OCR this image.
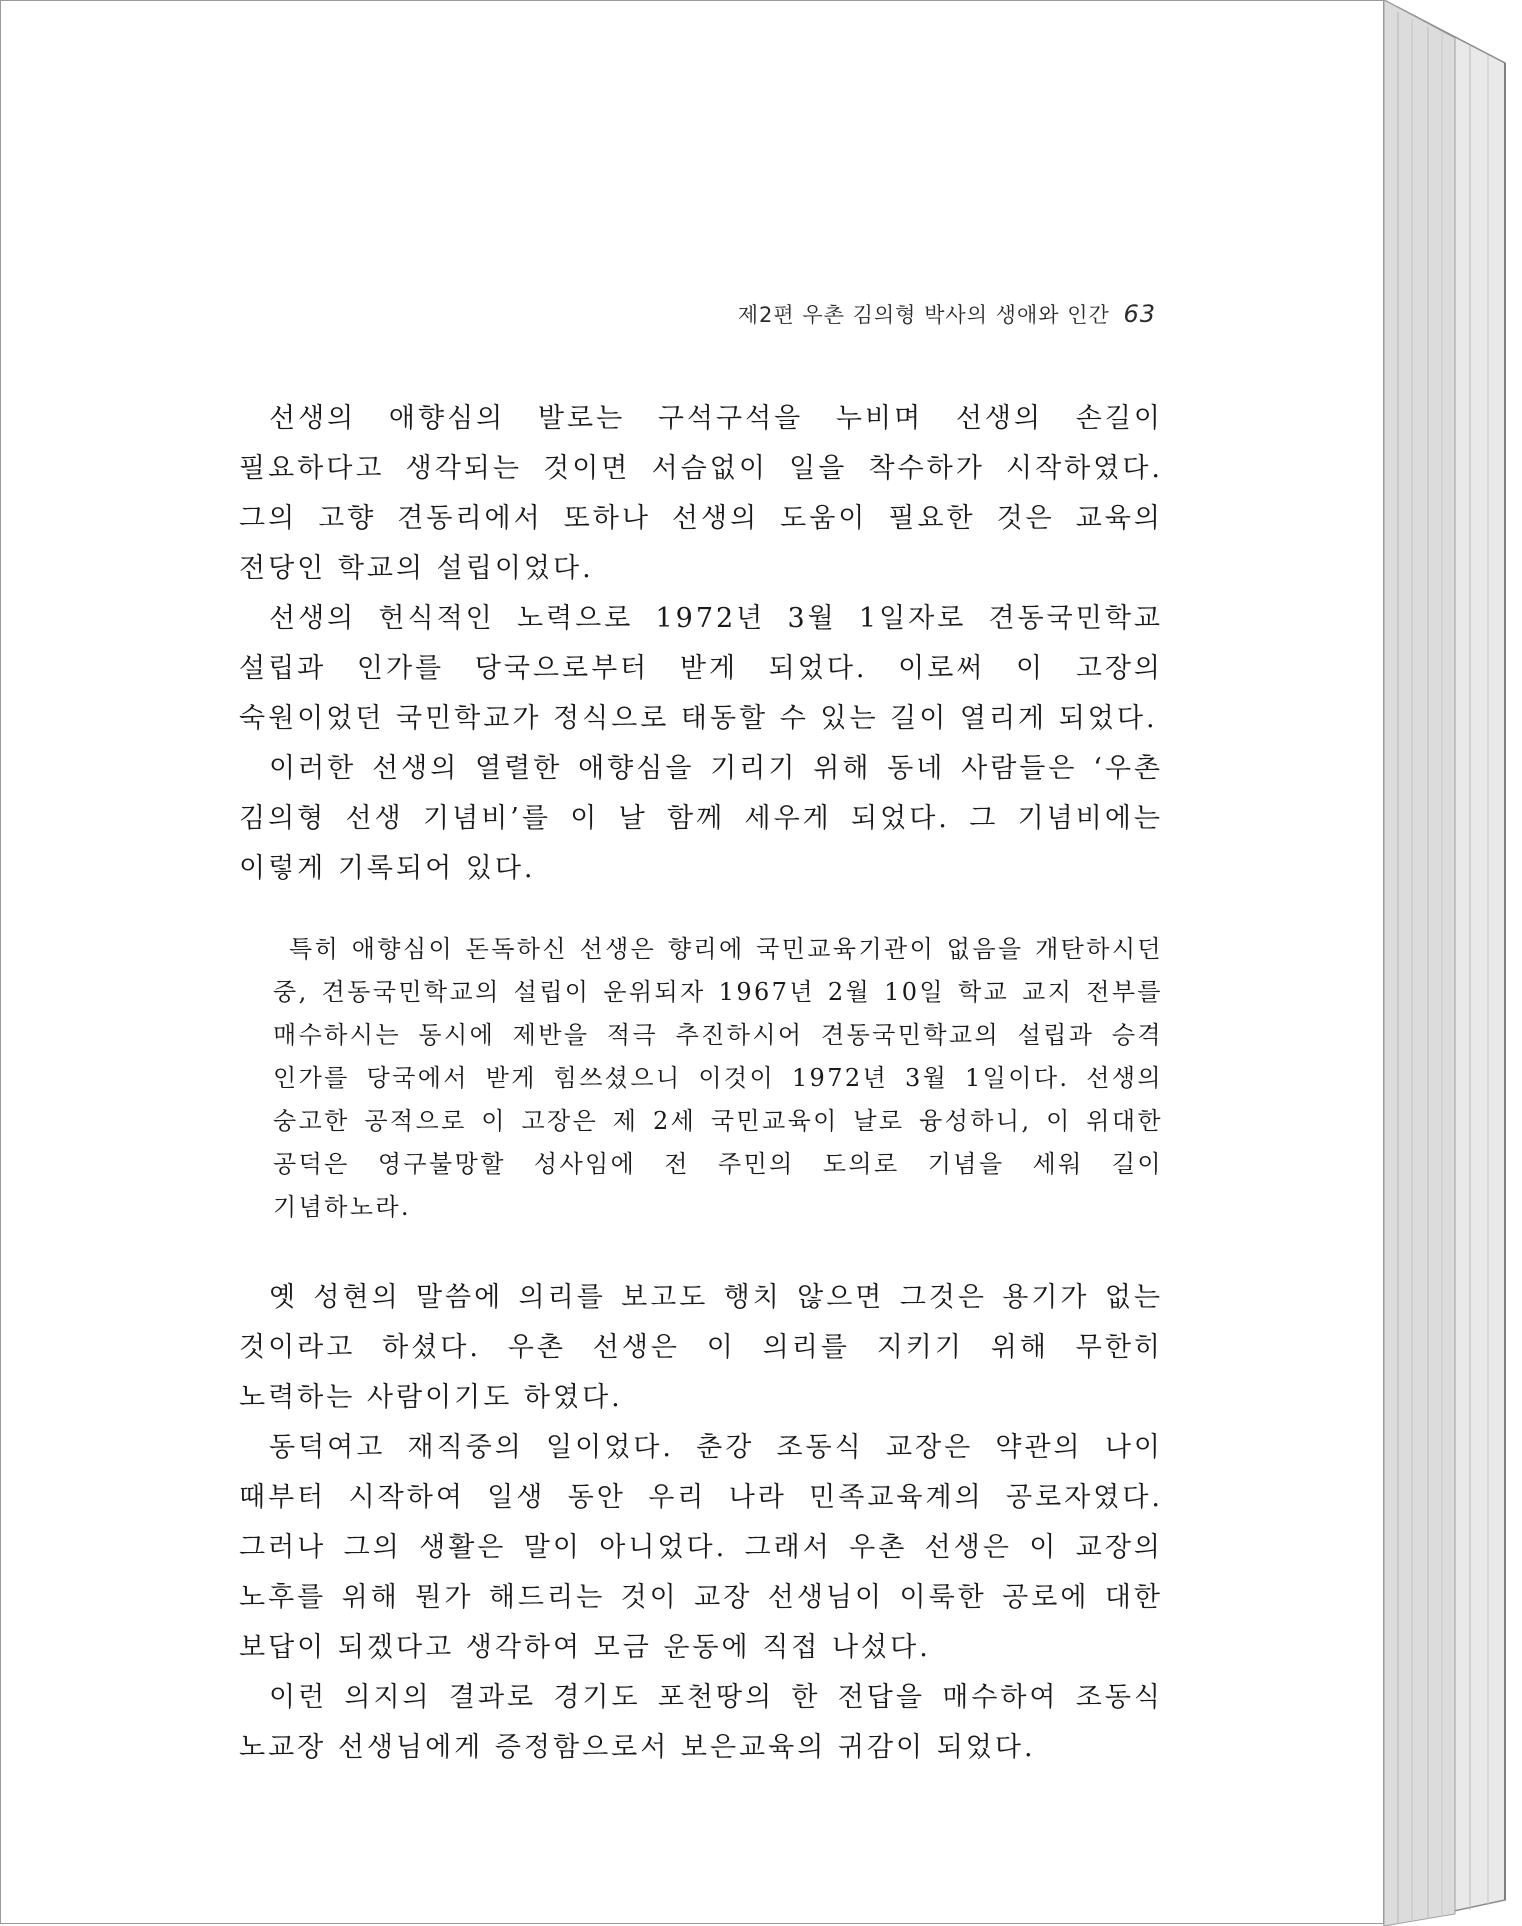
제2편 우촌 김의형 박사의 생애와 인간 63

선생의 애향심의 발로는 구석구석을 누비며 선생의 손길이 필요하다고 생각되는 것이면 서슴없이 일을 착수하가 시작하였다. 그의 고향 견동리에서 또하나 선생의 도움이 필요한 것은 교육의 전당인 학교의 설립이었다.

선생의 헌식적인 노력으로 1972년 3월 1일자로 견동국민학교 설립과 인가를 당국으로부터 받게 되었다. 이로써 이 고장의 숙원이었던 국민학교가 정식으로 태동할 수 있는 길이 열리게 되었다.

이러한 선생의 열렬한 애향심을 기리기 위해 동네 사람들은 ‘우촌 김의형 선생 기념비’를 이 날 함께 세우게 되었다. 그 기념비에는 이렇게 기록되어 있다.

특히 애향심이 돈독하신 선생은 향리에 국민교육기관이 없음을 개탄하시던 중, 견동국민학교의 설립이 운위되자 1967년 2월 10일 학교 교지 전부를 매수하시는 동시에 제반을 적극 추진하시어 견동국민학교의 설립과 승격 인가를 당국에서 받게 힘쓰셨으니 이것이 1972년 3월 1일이다. 선생의 숭고한 공적으로 이 고장은 제 2세 국민교육이 날로 융성하니, 이 위대한 공덕은 영구불망할 성사임에 전 주민의 도의로 기념을 세워 길이 기념하노라.

옛 성현의 말씀에 의리를 보고도 행치 않으면 그것은 용기가 없는 것이라고 하셨다. 우촌 선생은 이 의리를 지키기 위해 무한히 노력하는 사람이기도 하였다.

동덕여고 재직중의 일이었다. 춘강 조동식 교장은 약관의 나이 때부터 시작하여 일생 동안 우리 나라 민족교육계의 공로자였다. 그러나 그의 생활은 말이 아니었다. 그래서 우촌 선생은 이 교장의 노후를 위해 뭔가 해드리는 것이 교장 선생님이 이룩한 공로에 대한 보답이 되겠다고 생각하여 모금 운동에 직접 나섰다.

이런 의지의 결과로 경기도 포천땅의 한 전답을 매수하여 조동식 노교장 선생님에게 증정함으로서 보은교육의 귀감이 되었다.
